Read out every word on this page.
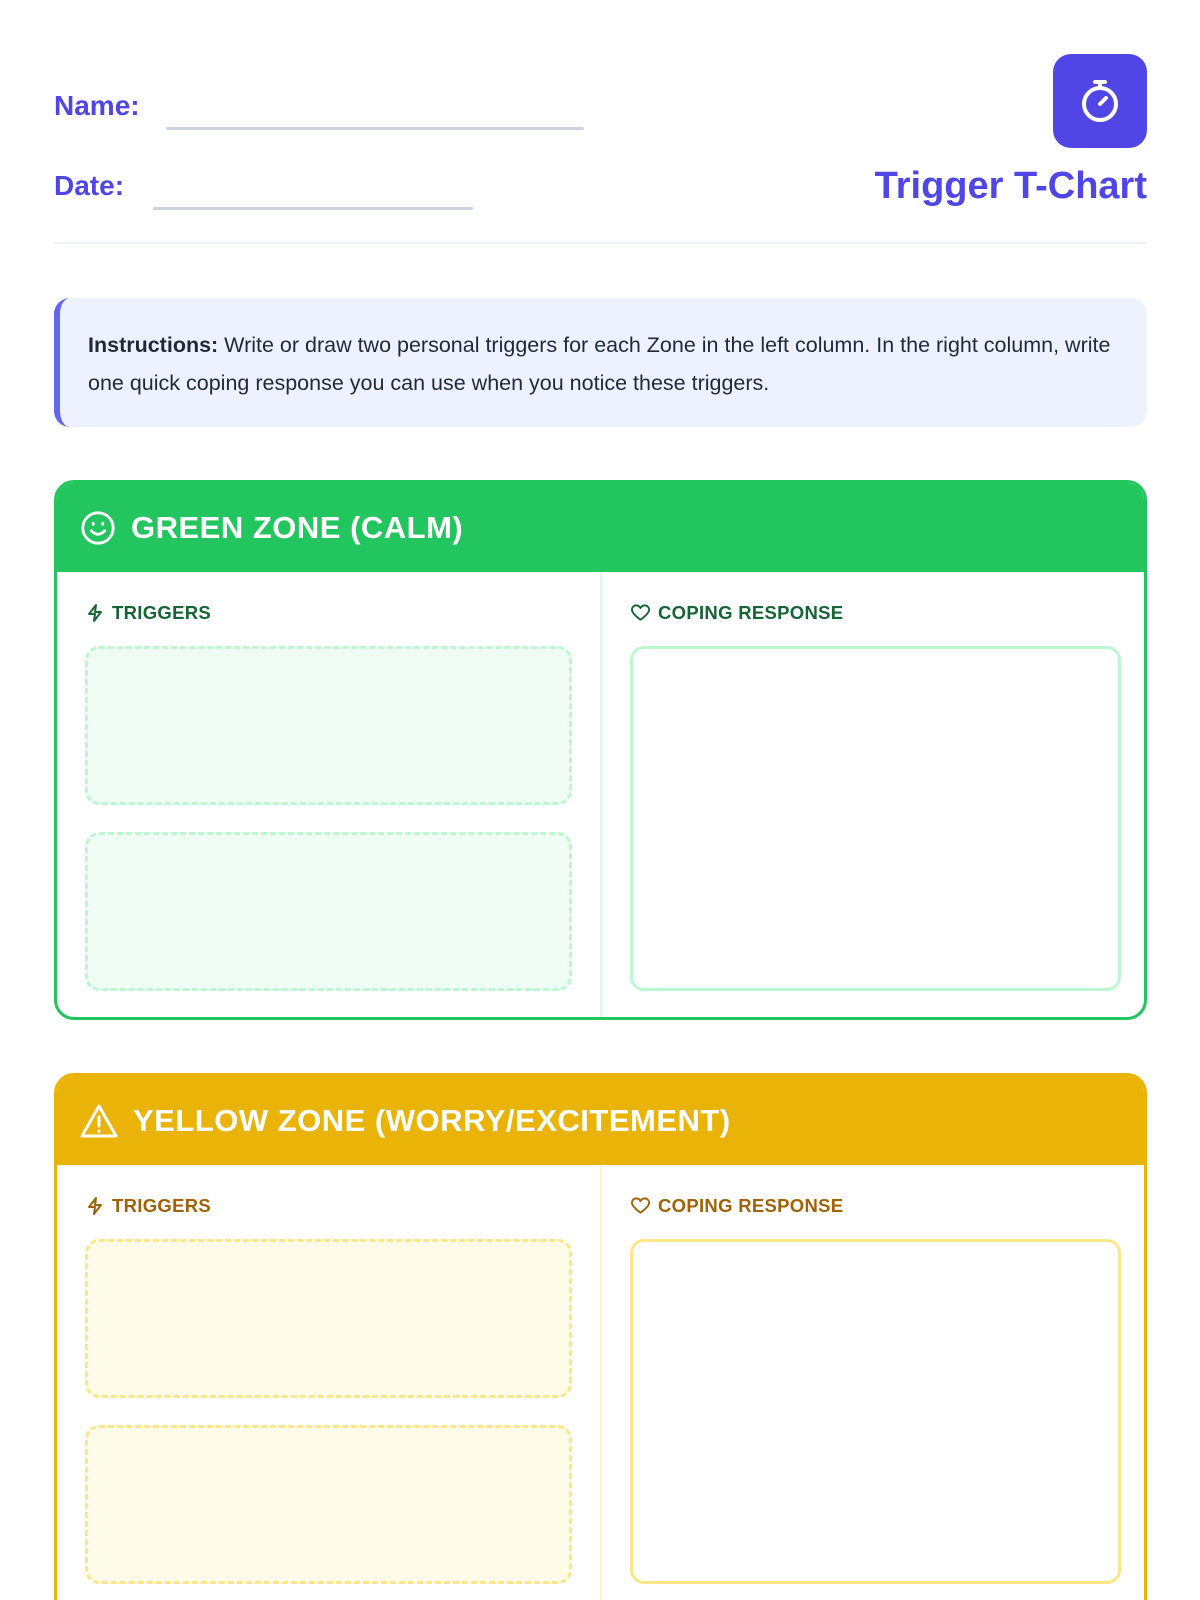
Name:
Date:	Trigger T-Chart
Instructions: Write or draw two personal triggers for each Zone in the left column. In the right column, write one quick coping response you can use when you notice these triggers.
GREEN ZONE (CALM)
TRIGGERS	COPING RESPONSE
YELLOW ZONE (WORRY/EXCITEMENT)
TRIGGERS	COPING RESPONSE
